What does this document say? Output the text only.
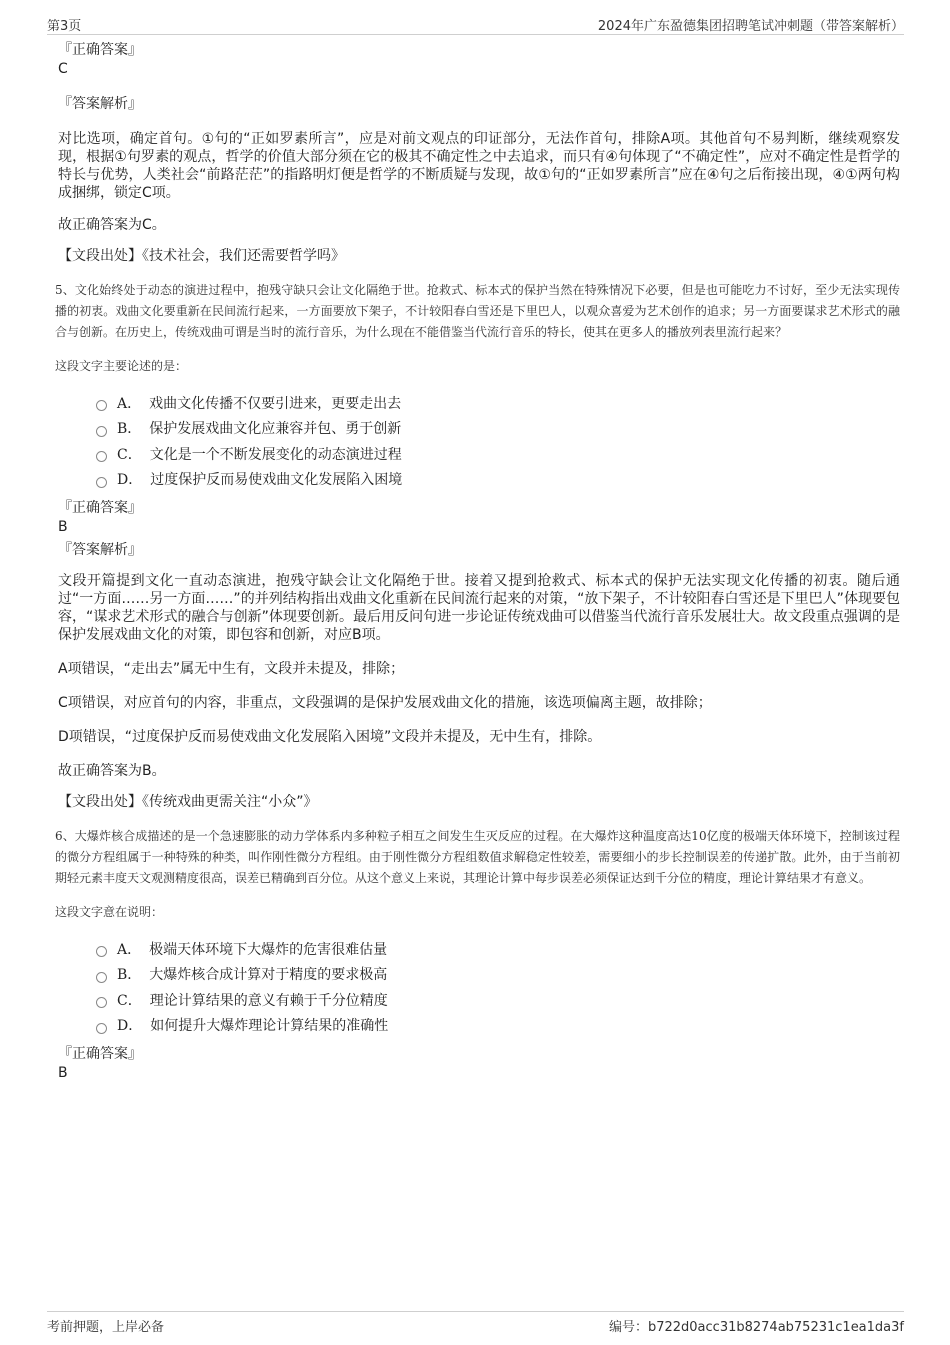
第3页	2024年广东盈德集团招聘笔试冲刺题（带答案解析）
『正确答案』
C
『答案解析』
对比选项，确定首句。①句的“正如罗素所言”，应是对前文观点的印证部分，无法作首句，排除A项。其他首句不易判断，继续观察发现，根据①句罗素的观点，哲学的价值大部分须在它的极其不确定性之中去追求，而只有④句体现了“不确定性”，应对不确定性是哲学的特长与优势，人类社会“前路茫茫”的指路明灯便是哲学的不断质疑与发现，故①句的“正如罗素所言”应在④句之后衔接出现，④①两句构成捆绑，锁定C项。
故正确答案为C。
【文段出处】《技术社会，我们还需要哲学吗》
5、文化始终处于动态的演进过程中，抱残守缺只会让文化隔绝于世。抢救式、标本式的保护当然在特殊情况下必要，但是也可能吃力不讨好，至少无法实现传播的初衷。戏曲文化要重新在民间流行起来，一方面要放下架子，不计较阳春白雪还是下里巴人，以观众喜爱为艺术创作的追求；另一方面要谋求艺术形式的融合与创新。在历史上，传统戏曲可谓是当时的流行音乐，为什么现在不能借鉴当代流行音乐的特长，使其在更多人的播放列表里流行起来？
这段文字主要论述的是：
A． 戏曲文化传播不仅要引进来，更要走出去
B． 保护发展戏曲文化应兼容并包、勇于创新
C． 文化是一个不断发展变化的动态演进过程
D． 过度保护反而易使戏曲文化发展陷入困境
『正确答案』
B
『答案解析』
文段开篇提到文化一直动态演进，抱残守缺会让文化隔绝于世。接着又提到抢救式、标本式的保护无法实现文化传播的初衷。随后通过“一方面……另一方面……”的并列结构指出戏曲文化重新在民间流行起来的对策，“放下架子，不计较阳春白雪还是下里巴人”体现要包容，“谋求艺术形式的融合与创新”体现要创新。最后用反问句进一步论证传统戏曲可以借鉴当代流行音乐发展壮大。故文段重点强调的是保护发展戏曲文化的对策，即包容和创新，对应B项。
A项错误，“走出去”属无中生有，文段并未提及，排除；
C项错误，对应首句的内容，非重点，文段强调的是保护发展戏曲文化的措施，该选项偏离主题，故排除；
D项错误，“过度保护反而易使戏曲文化发展陷入困境”文段并未提及，无中生有，排除。
故正确答案为B。
【文段出处】《传统戏曲更需关注“小众”》
6、大爆炸核合成描述的是一个急速膨胀的动力学体系内多种粒子相互之间发生生灭反应的过程。在大爆炸这种温度高达10亿度的极端天体环境下，控制该过程的微分方程组属于一种特殊的种类，叫作刚性微分方程组。由于刚性微分方程组数值求解稳定性较差，需要细小的步长控制误差的传递扩散。此外，由于当前初期轻元素丰度天文观测精度很高，误差已精确到百分位。从这个意义上来说，其理论计算中每步误差必须保证达到千分位的精度，理论计算结果才有意义。
这段文字意在说明：
A． 极端天体环境下大爆炸的危害很难估量
B． 大爆炸核合成计算对于精度的要求极高
C． 理论计算结果的意义有赖于千分位精度
D． 如何提升大爆炸理论计算结果的准确性
『正确答案』
B
考前押题，上岸必备	编号：b722d0acc31b8274ab75231c1ea1da3f
